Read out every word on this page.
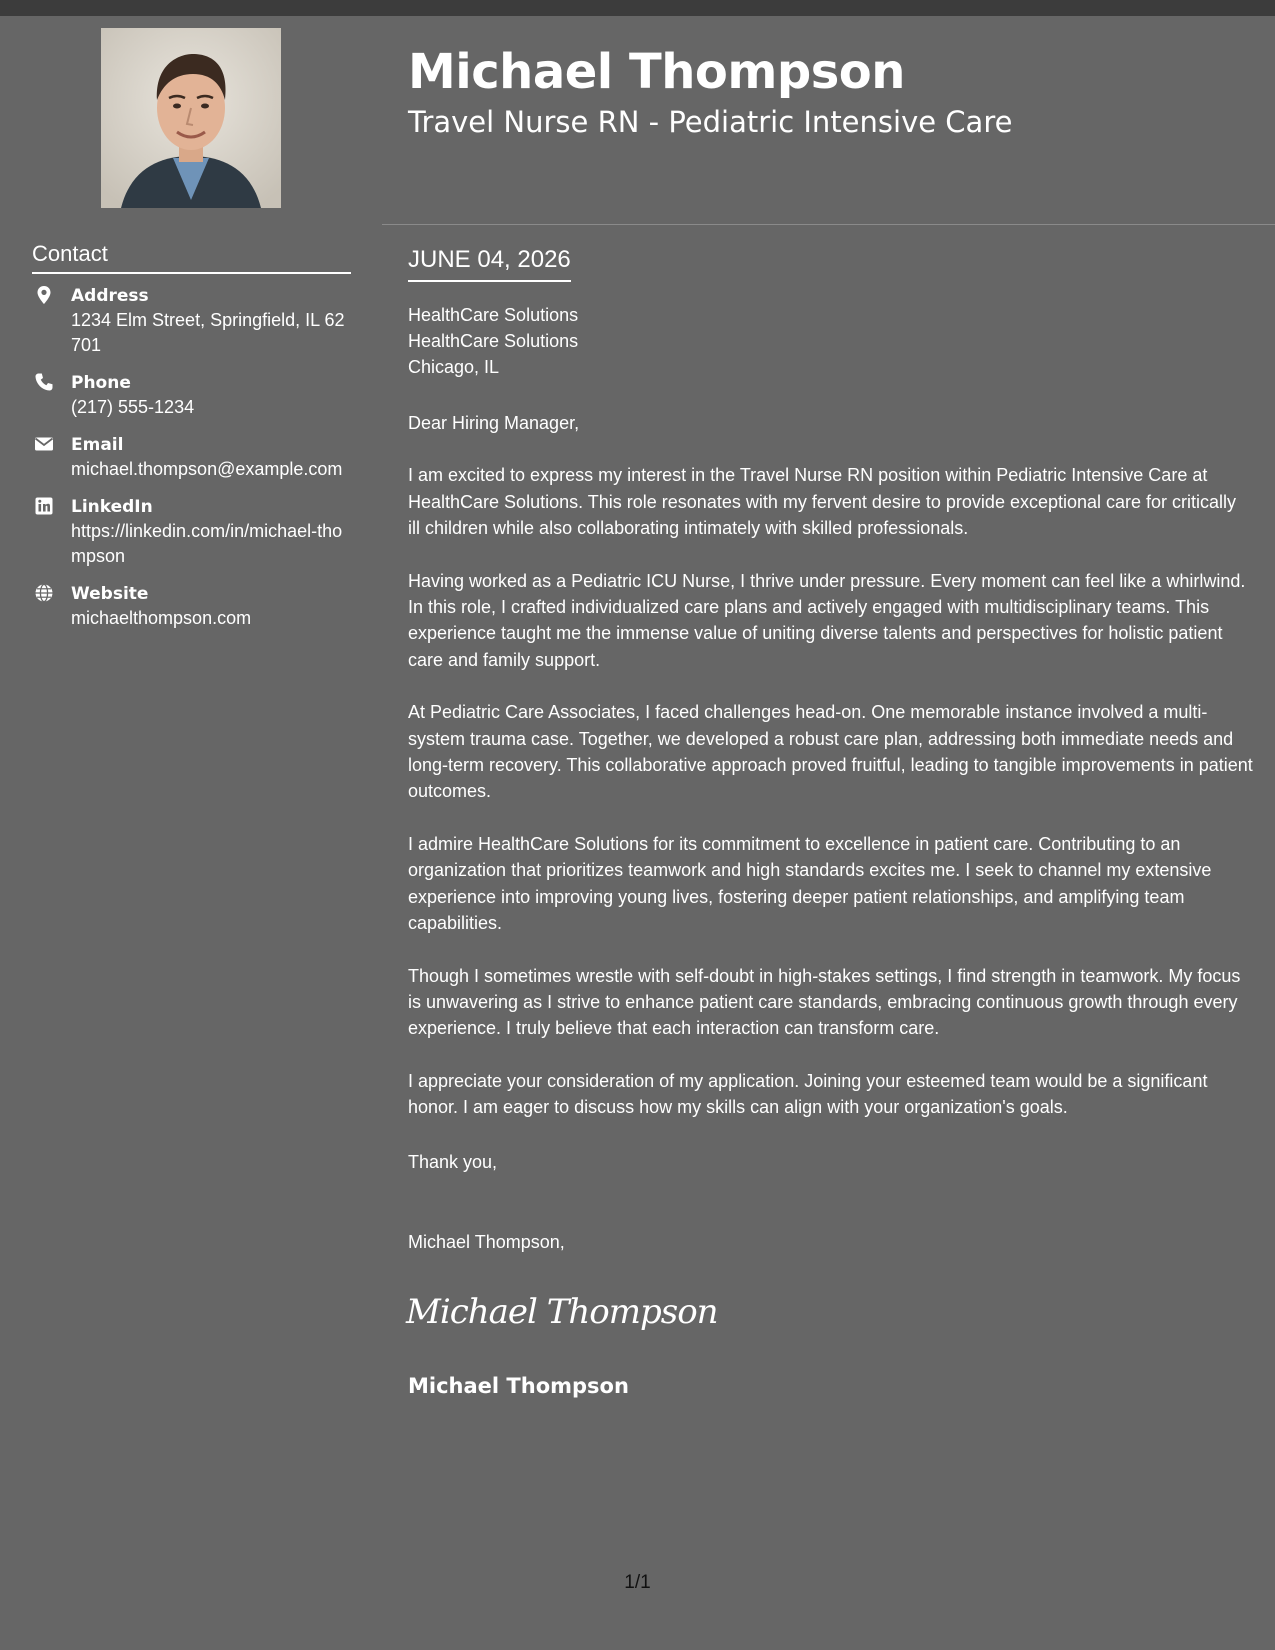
Contact
Address
1234 Elm Street, Springfield, IL 62701
Phone
(217) 555-1234
Email
michael.thompson@example.com
LinkedIn
https://linkedin.com/in/michael-thompson
Website
michaelthompson.com
Michael Thompson
Travel Nurse RN - Pediatric Intensive Care
JUNE 04, 2026
HealthCare Solutions
HealthCare Solutions
Chicago, IL

Dear Hiring Manager,

I am excited to express my interest in the Travel Nurse RN position within Pediatric Intensive Care at HealthCare Solutions. This role resonates with my fervent desire to provide exceptional care for critically ill children while also collaborating intimately with skilled professionals.

Having worked as a Pediatric ICU Nurse, I thrive under pressure. Every moment can feel like a whirlwind. In this role, I crafted individualized care plans and actively engaged with multidisciplinary teams. This experience taught me the immense value of uniting diverse talents and perspectives for holistic patient care and family support.

At Pediatric Care Associates, I faced challenges head-on. One memorable instance involved a multi-system trauma case. Together, we developed a robust care plan, addressing both immediate needs and long-term recovery. This collaborative approach proved fruitful, leading to tangible improvements in patient outcomes.

I admire HealthCare Solutions for its commitment to excellence in patient care. Contributing to an organization that prioritizes teamwork and high standards excites me. I seek to channel my extensive experience into improving young lives, fostering deeper patient relationships, and amplifying team capabilities.

Though I sometimes wrestle with self-doubt in high-stakes settings, I find strength in teamwork. My focus is unwavering as I strive to enhance patient care standards, embracing continuous growth through every experience. I truly believe that each interaction can transform care.

I appreciate your consideration of my application. Joining your esteemed team would be a significant honor. I am eager to discuss how my skills can align with your organization's goals.

Thank you,
Michael Thompson,
Michael Thompson
Michael Thompson
1/1
